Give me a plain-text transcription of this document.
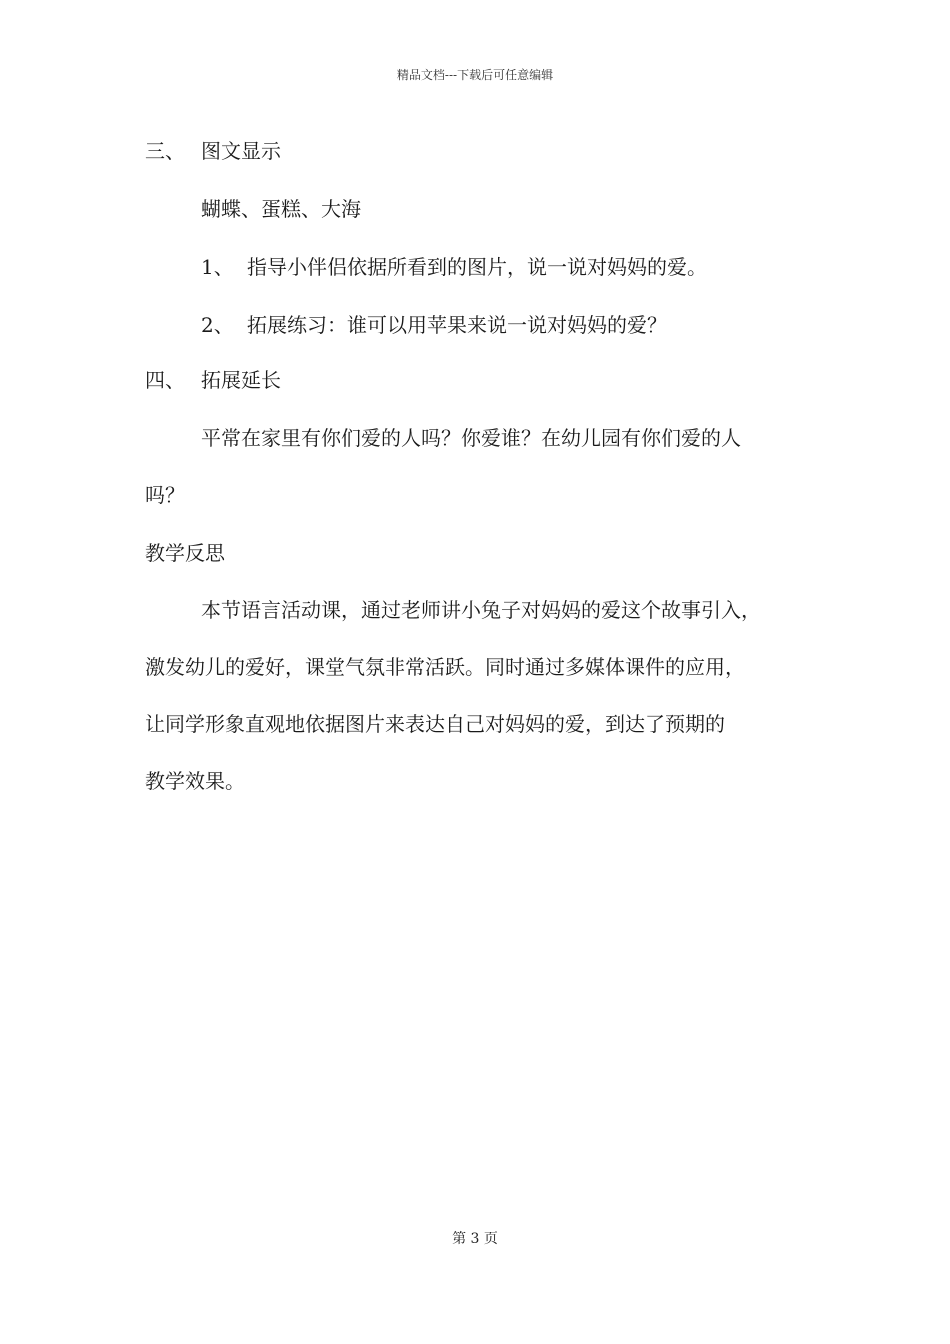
精品文档---下载后可任意编辑
三、 图文显示
蝴蝶、蛋糕、大海
1、 指导小伴侣依据所看到的图片，说一说对妈妈的爱。
2、 拓展练习：谁可以用苹果来说一说对妈妈的爱？
四、 拓展延长
平常在家里有你们爱的人吗？你爱谁？在幼儿园有你们爱的人
吗？
教学反思
本节语言活动课，通过老师讲小兔子对妈妈的爱这个故事引入，
激发幼儿的爱好，课堂气氛非常活跃。同时通过多媒体课件的应用，
让同学形象直观地依据图片来表达自己对妈妈的爱，到达了预期的
教学效果。
第 3 页
